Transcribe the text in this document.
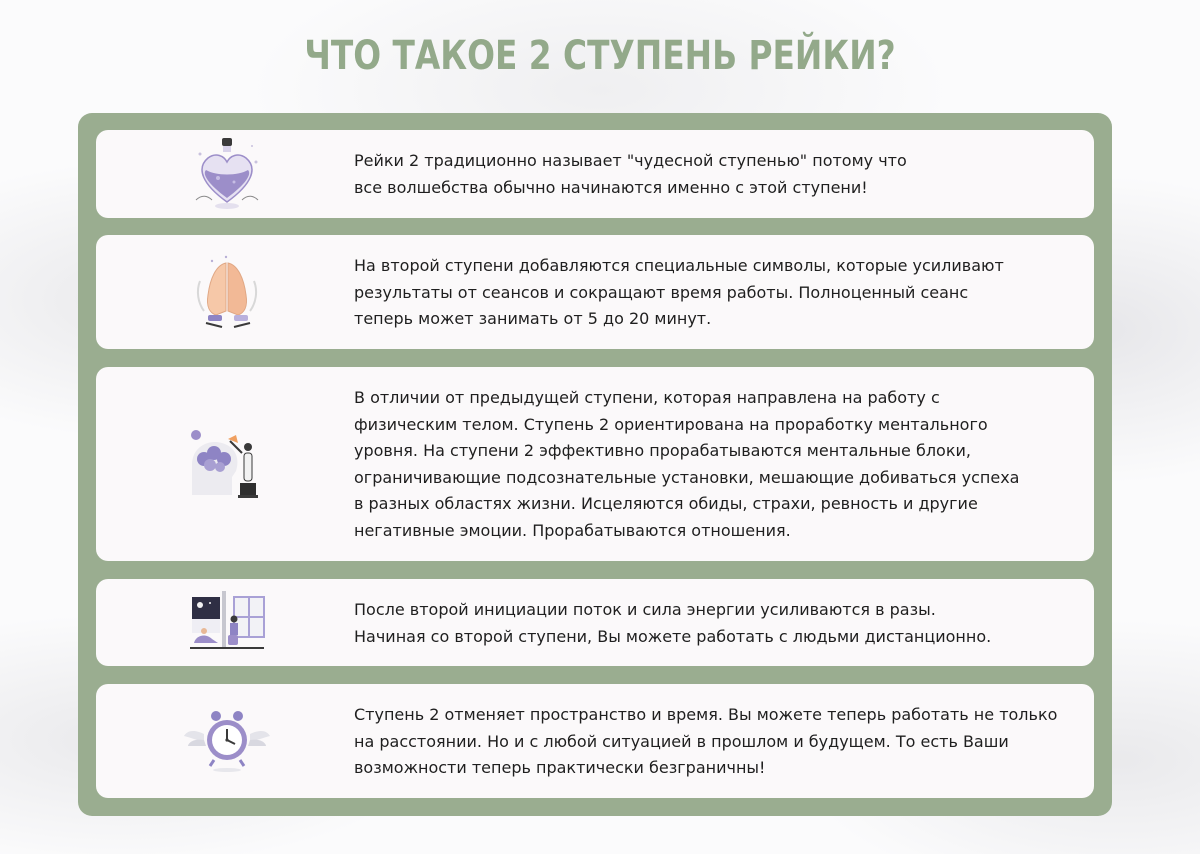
ЧТО ТАКОЕ 2 СТУПЕНЬ РЕЙКИ?

Рейки 2 традиционно называет "чудесной ступенью" потому что
все волшебства обычно начинаются именно с этой ступени!

На второй ступени добавляются специальные символы, которые усиливают
результаты от сеансов и сокращают время работы. Полноценный сеанс
теперь может занимать от 5 до 20 минут.

В отличии от предыдущей ступени, которая направлена на работу с
физическим телом. Ступень 2 ориентирована на проработку ментального
уровня. На ступени 2 эффективно прорабатываются ментальные блоки,
ограничивающие подсознательные установки, мешающие добиваться успеха
в разных областях жизни. Исцеляются обиды, страхи, ревность и другие
негативные эмоции. Прорабатываются отношения.

После второй инициации поток и сила энергии усиливаются в разы.
Начиная со второй ступени, Вы можете работать с людьми дистанционно.

Ступень 2 отменяет пространство и время. Вы можете теперь работать не только
на расстоянии. Но и с любой ситуацией в прошлом и будущем. То есть Ваши
возможности теперь практически безграничны!
